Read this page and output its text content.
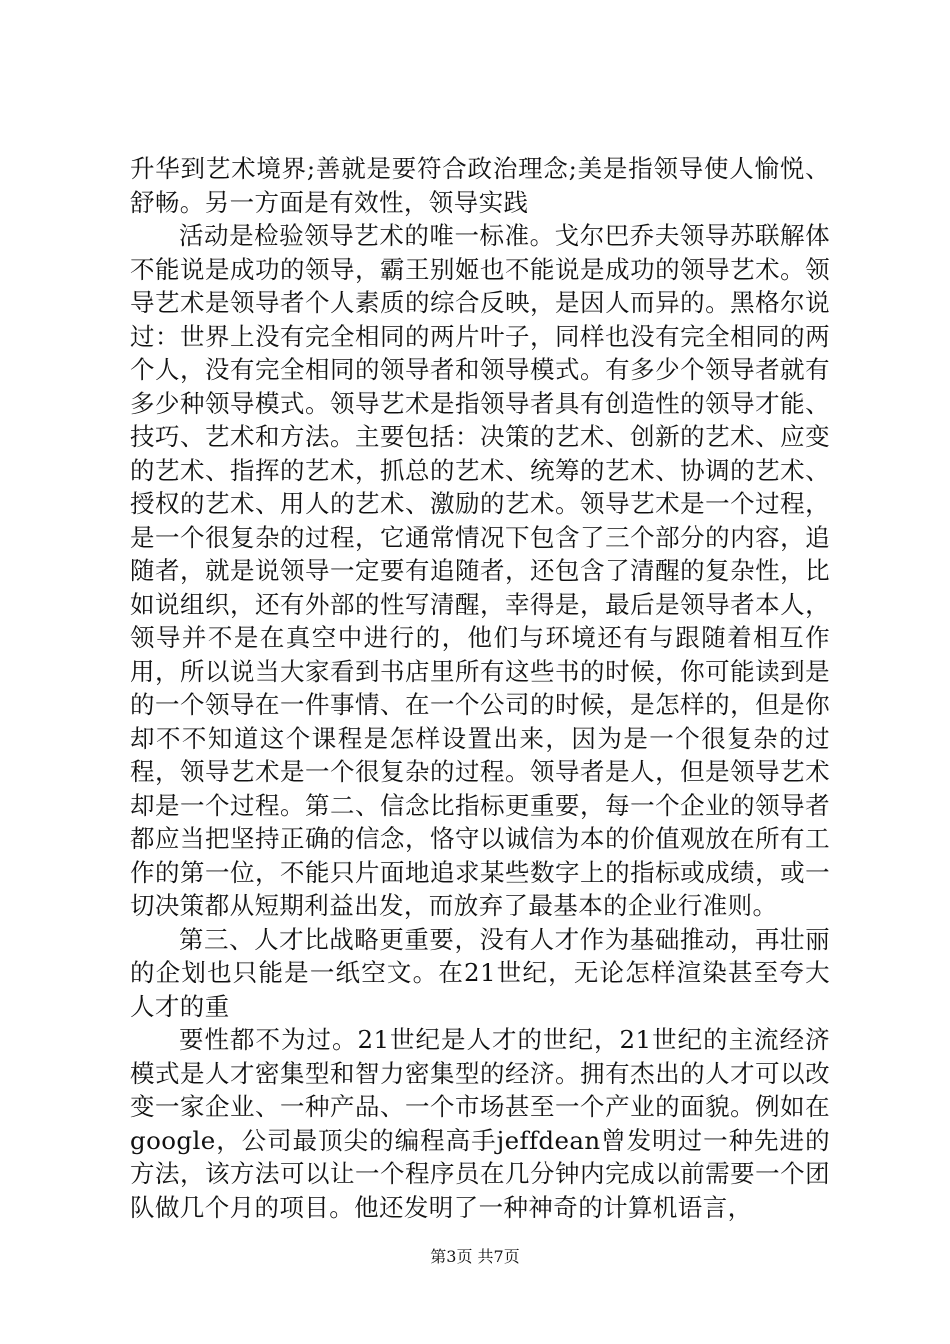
升华到艺术境界;善就是要符合政治理念;美是指领导使人愉悦、舒畅。另一方面是有效性，领导实践

活动是检验领导艺术的唯一标准。戈尔巴乔夫领导苏联解体不能说是成功的领导，霸王别姬也不能说是成功的领导艺术。领导艺术是领导者个人素质的综合反映，是因人而异的。黑格尔说过：世界上没有完全相同的两片叶子，同样也没有完全相同的两个人，没有完全相同的领导者和领导模式。有多少个领导者就有多少种领导模式。领导艺术是指领导者具有创造性的领导才能、技巧、艺术和方法。主要包括：决策的艺术、创新的艺术、应变的艺术、指挥的艺术，抓总的艺术、统筹的艺术、协调的艺术、授权的艺术、用人的艺术、激励的艺术。领导艺术是一个过程，是一个很复杂的过程，它通常情况下包含了三个部分的内容，追随者，就是说领导一定要有追随者，还包含了清醒的复杂性，比如说组织，还有外部的性写清醒，幸得是，最后是领导者本人，领导并不是在真空中进行的，他们与环境还有与跟随着相互作用，所以说当大家看到书店里所有这些书的时候，你可能读到是的一个领导在一件事情、在一个公司的时候，是怎样的，但是你却不不知道这个课程是怎样设置出来，因为是一个很复杂的过程，领导艺术是一个很复杂的过程。领导者是人，但是领导艺术却是一个过程。第二、信念比指标更重要，每一个企业的领导者都应当把坚持正确的信念，恪守以诚信为本的价值观放在所有工作的第一位，不能只片面地追求某些数字上的指标或成绩，或一切决策都从短期利益出发，而放弃了最基本的企业行准则。

第三、人才比战略更重要，没有人才作为基础推动，再壮丽的企划也只能是一纸空文。在21世纪，无论怎样渲染甚至夸大人才的重

要性都不为过。21世纪是人才的世纪，21世纪的主流经济模式是人才密集型和智力密集型的经济。拥有杰出的人才可以改变一家企业、一种产品、一个市场甚至一个产业的面貌。例如在google，公司最顶尖的编程高手jeffdean曾发明过一种先进的方法，该方法可以让一个程序员在几分钟内完成以前需要一个团队做几个月的项目。他还发明了一种神奇的计算机语言，

第3页 共7页
